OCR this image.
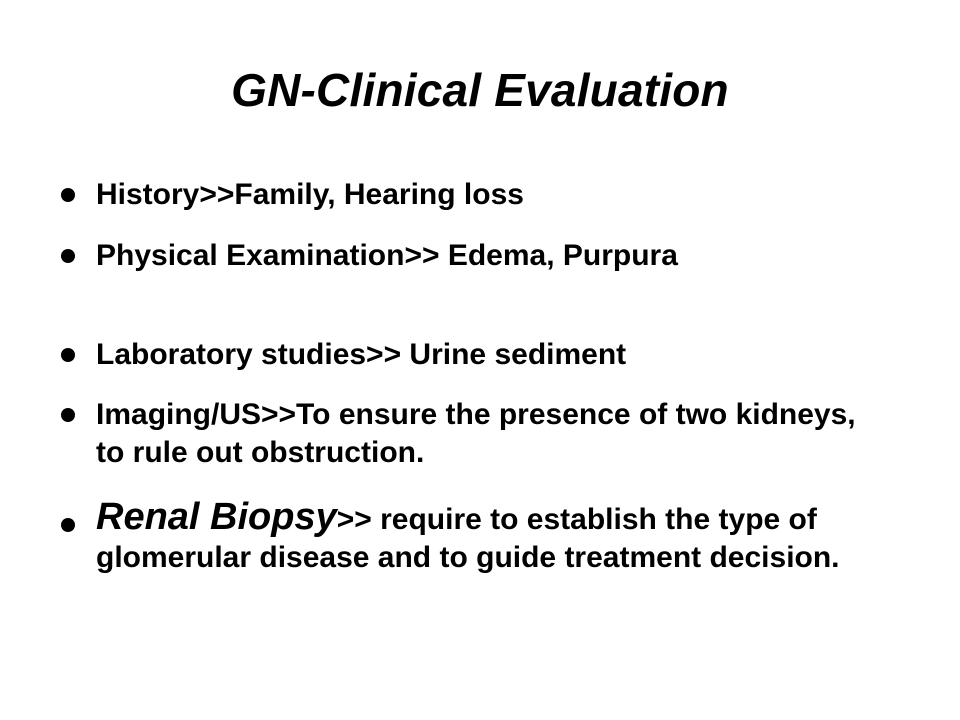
GN-Clinical Evaluation
History>>Family, Hearing loss
Physical Examination>> Edema, Purpura
Laboratory studies>> Urine sediment
Imaging/US>>To ensure the presence of two kidneys, to rule out obstruction.
Renal Biopsy>> require to establish the type of glomerular disease and to guide treatment decision.
